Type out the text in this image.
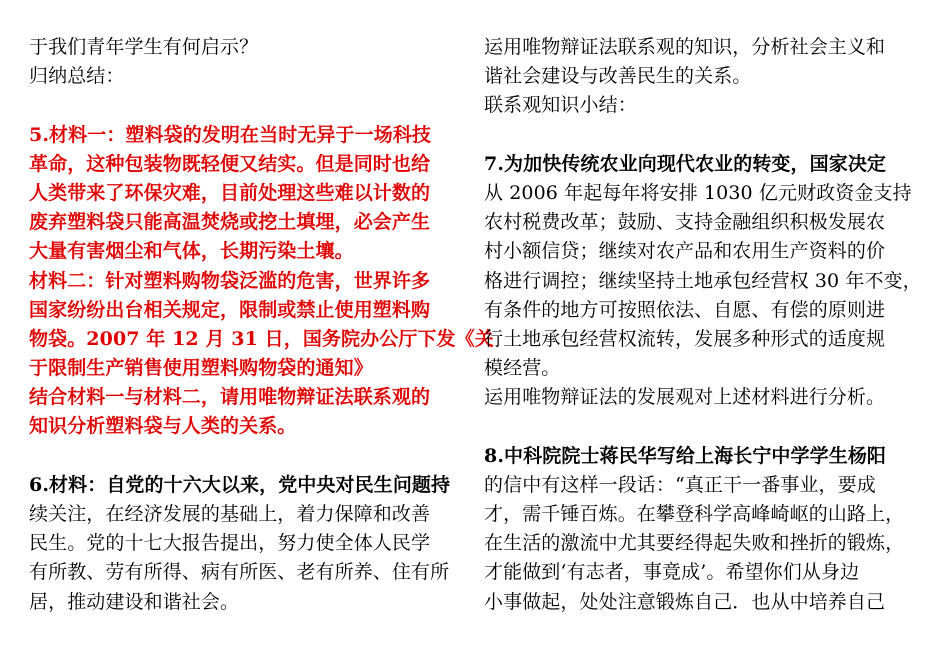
于我们青年学生有何启示？
归纳总结：
5.材料一：塑料袋的发明在当时无异于一场科技
革命，这种包装物既轻便又结实。但是同时也给
人类带来了环保灾难，目前处理这些难以计数的
废弃塑料袋只能高温焚烧或挖土填埋，必会产生
大量有害烟尘和气体，长期污染土壤。
材料二：针对塑料购物袋泛滥的危害，世界许多
国家纷纷出台相关规定，限制或禁止使用塑料购
物袋。2007 年 12 月 31 日，国务院办公厅下发《关
于限制生产销售使用塑料购物袋的通知》
结合材料一与材料二，请用唯物辩证法联系观的
知识分析塑料袋与人类的关系。
6.材料：自党的十六大以来，党中央对民生问题持
续关注，在经济发展的基础上，着力保障和改善
民生。党的十七大报告提出，努力使全体人民学
有所教、劳有所得、病有所医、老有所养、住有所
居，推动建设和谐社会。
运用唯物辩证法联系观的知识，分析社会主义和
谐社会建设与改善民生的关系。
联系观知识小结：
7.为加快传统农业向现代农业的转变，国家决定
从 2006 年起每年将安排 1030 亿元财政资金支持
农村税费改革；鼓励、支持金融组织积极发展农
村小额信贷；继续对农产品和农用生产资料的价
格进行调控；继续坚持土地承包经营权 30 年不变，
有条件的地方可按照依法、自愿、有偿的原则进
行土地承包经营权流转，发展多种形式的适度规
模经营。
运用唯物辩证法的发展观对上述材料进行分析。
8.中科院院士蒋民华写给上海长宁中学学生杨阳
的信中有这样一段话：“真正干一番事业，要成
才，需千锤百炼。在攀登科学高峰崎岖的山路上，
在生活的激流中尤其要经得起失败和挫折的锻炼，
才能做到‘有志者，事竟成’。希望你们从身边
小事做起，处处注意锻炼自己．也从中培养自己
